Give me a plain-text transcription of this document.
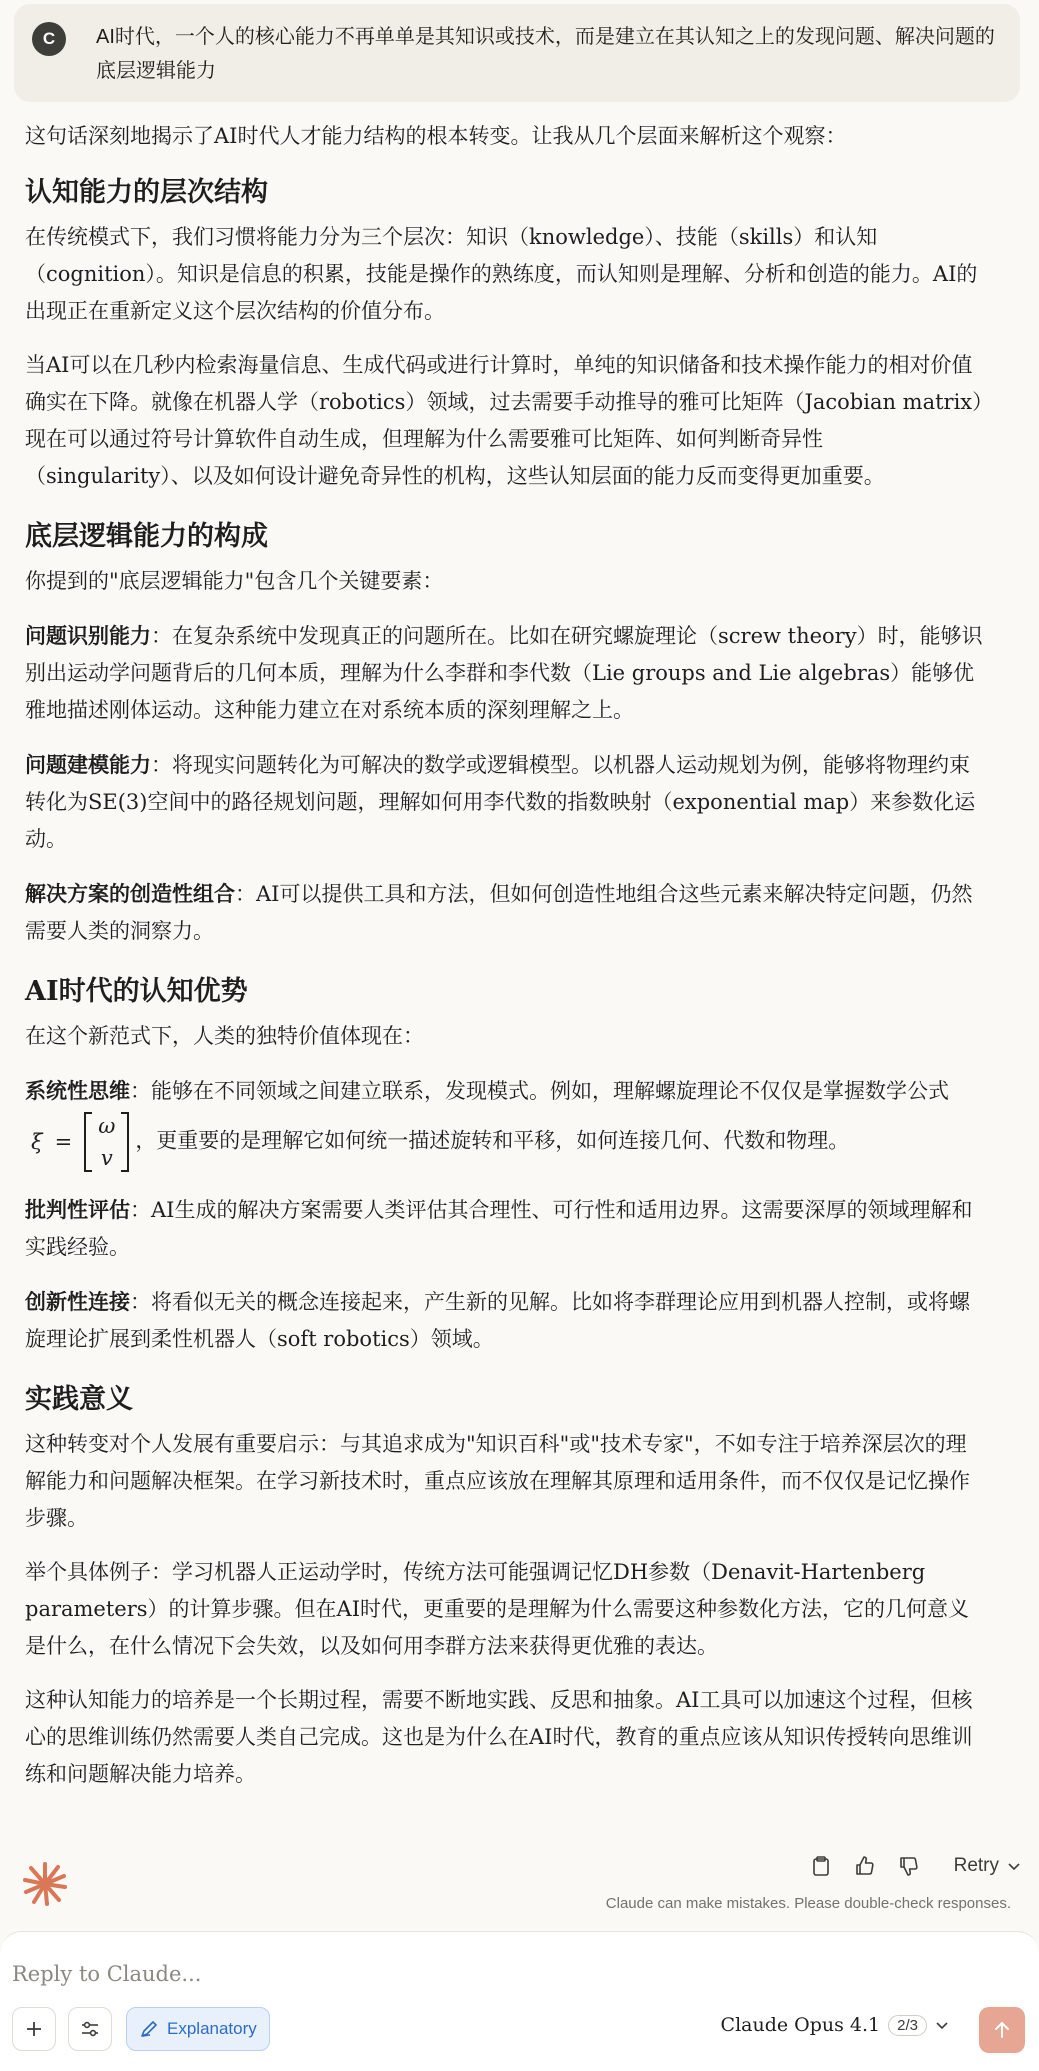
C	AI时代，一个人的核心能力不再单单是其知识或技术，而是建立在其认知之上的发现问题、解决问题的底层逻辑能力

这句话深刻地揭示了AI时代人才能力结构的根本转变。让我从几个层面来解析这个观察：

认知能力的层次结构

在传统模式下，我们习惯将能力分为三个层次：知识（knowledge）、技能（skills）和认知（cognition）。知识是信息的积累，技能是操作的熟练度，而认知则是理解、分析和创造的能力。AI的出现正在重新定义这个层次结构的价值分布。

当AI可以在几秒内检索海量信息、生成代码或进行计算时，单纯的知识储备和技术操作能力的相对价值确实在下降。就像在机器人学（robotics）领域，过去需要手动推导的雅可比矩阵（Jacobian matrix）现在可以通过符号计算软件自动生成，但理解为什么需要雅可比矩阵、如何判断奇异性（singularity）、以及如何设计避免奇异性的机构，这些认知层面的能力反而变得更加重要。

底层逻辑能力的构成

你提到的"底层逻辑能力"包含几个关键要素：

问题识别能力：在复杂系统中发现真正的问题所在。比如在研究螺旋理论（screw theory）时，能够识别出运动学问题背后的几何本质，理解为什么李群和李代数（Lie groups and Lie algebras）能够优雅地描述刚体运动。这种能力建立在对系统本质的深刻理解之上。

问题建模能力：将现实问题转化为可解决的数学或逻辑模型。以机器人运动规划为例，能够将物理约束转化为SE(3)空间中的路径规划问题，理解如何用李代数的指数映射（exponential map）来参数化运动。

解决方案的创造性组合：AI可以提供工具和方法，但如何创造性地组合这些元素来解决特定问题，仍然需要人类的洞察力。

AI时代的认知优势

在这个新范式下，人类的独特价值体现在：

系统性思维：能够在不同领域之间建立联系，发现模式。例如，理解螺旋理论不仅仅是掌握数学公式
ξ =
ω
v
，更重要的是理解它如何统一描述旋转和平移，如何连接几何、代数和物理。

批判性评估：AI生成的解决方案需要人类评估其合理性、可行性和适用边界。这需要深厚的领域理解和实践经验。

创新性连接：将看似无关的概念连接起来，产生新的见解。比如将李群理论应用到机器人控制，或将螺旋理论扩展到柔性机器人（soft robotics）领域。

实践意义

这种转变对个人发展有重要启示：与其追求成为"知识百科"或"技术专家"，不如专注于培养深层次的理解能力和问题解决框架。在学习新技术时，重点应该放在理解其原理和适用条件，而不仅仅是记忆操作步骤。

举个具体例子：学习机器人正运动学时，传统方法可能强调记忆DH参数（Denavit-Hartenberg parameters）的计算步骤。但在AI时代，更重要的是理解为什么需要这种参数化方法，它的几何意义是什么，在什么情况下会失效，以及如何用李群方法来获得更优雅的表达。

这种认知能力的培养是一个长期过程，需要不断地实践、反思和抽象。AI工具可以加速这个过程，但核心的思维训练仍然需要人类自己完成。这也是为什么在AI时代，教育的重点应该从知识传授转向思维训练和问题解决能力培养。

Retry
Claude can make mistakes. Please double-check responses.
Reply to Claude...
Explanatory	Claude Opus 4.1	2/3
